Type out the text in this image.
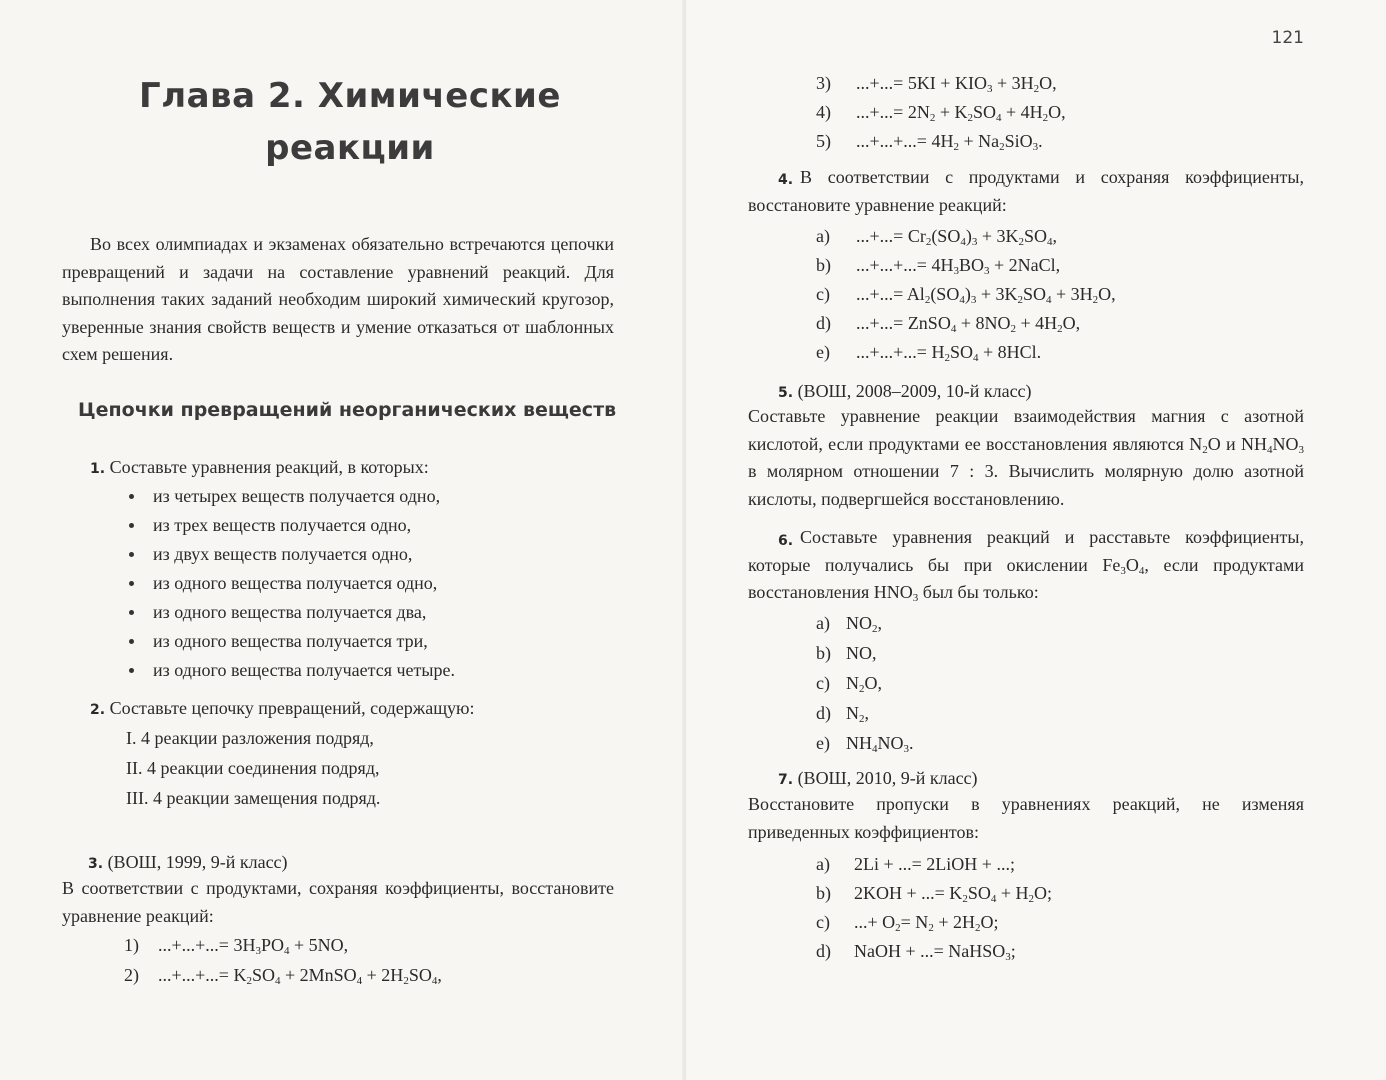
Глава 2. Химические реакции

Во всех олимпиадах и экзаменах обязательно встречаются цепочки превращений и задачи на составление уравнений реакций. Для выполнения таких заданий необходим широкий химический кругозор, уверенные знания свойств веществ и умение отказаться от шаблонных схем решения.

Цепочки превращений неорганических веществ
1. Составьте уравнения реакций, в которых:
из четырех веществ получается одно,
из трех веществ получается одно,
из двух веществ получается одно,
из одного вещества получается одно,
из одного вещества получается два,
из одного вещества получается три,
из одного вещества получается четыре.
2. Составьте цепочку превращений, содержащую:
I. 4 реакции разложения подряд,
II. 4 реакции соединения подряд,
III. 4 реакции замещения подряд.
3. (ВОШ, 1999, 9-й класс)

В соответствии с продуктами, сохраняя коэффициенты, восстановите уравнение реакций:

1) ...+...+...= $3H_3PO_4 + 5NO$,
2) ...+...+...= $K_2SO_4$ + 2MnSO$_4$ + $2H_2SO_4$,
121
3) ...+...= $5KI + KIO_3 + 3H_2O$,
4) ...+...= $2N_2 + K_2SO_4 + 4H_2O$,
5) ...+...+...= $4H_2 + Na_2SiO_3$.
4. В соответствии с продуктами и сохраняя коэффициенты, восстановите уравнение реакций:

a) ...+...= $Cr_2(SO_4)_3 + 3K_2SO_4$,
b) ...+...+...= $4H_3BO_3$ + 2NaCl,
c) ...+...= $Al_2(SO_4)_3 + 3K_2SO_4 + 3H_2O$,
d) ...+...= ZnSO$_4$ + $8NO_2 + 4H_2O$,
e) ...+...+...= $H_2SO_4 + 8HCl$.
5. (ВОШ, 2008–2009, 10-й класс)

Составьте уравнение реакции взаимодействия магния с азотной кислотой, если продуктами ее восстановления являются $N_2O$ и $NH_4NO_3$ в молярном отношении 7 : 3. Вычислить молярную долю азотной кислоты, подвергшейся восстановлению.

6. Составьте уравнения реакций и расставьте коэффициенты, которые получались бы при окислении $Fe_3O_4$, если продуктами восстановления $HNO_3$ был бы только:

a) $NO_2$,
b) NO,
c) $N_2O$,
d) $N_2$,
e) $NH_4NO_3$.
7. (ВОШ, 2010, 9-й класс)

Восстановите пропуски в уравнениях реакций, не изменяя приведенных коэффициентов:

a) 2Li + ...= 2LiOH + ...;
b) 2KOH + ...= $K_2SO_4 + H_2O$;
c) ...+ $O_2= N_2 + 2H_2O$;
d) NaOH + ...= NaHSO$_3$;
